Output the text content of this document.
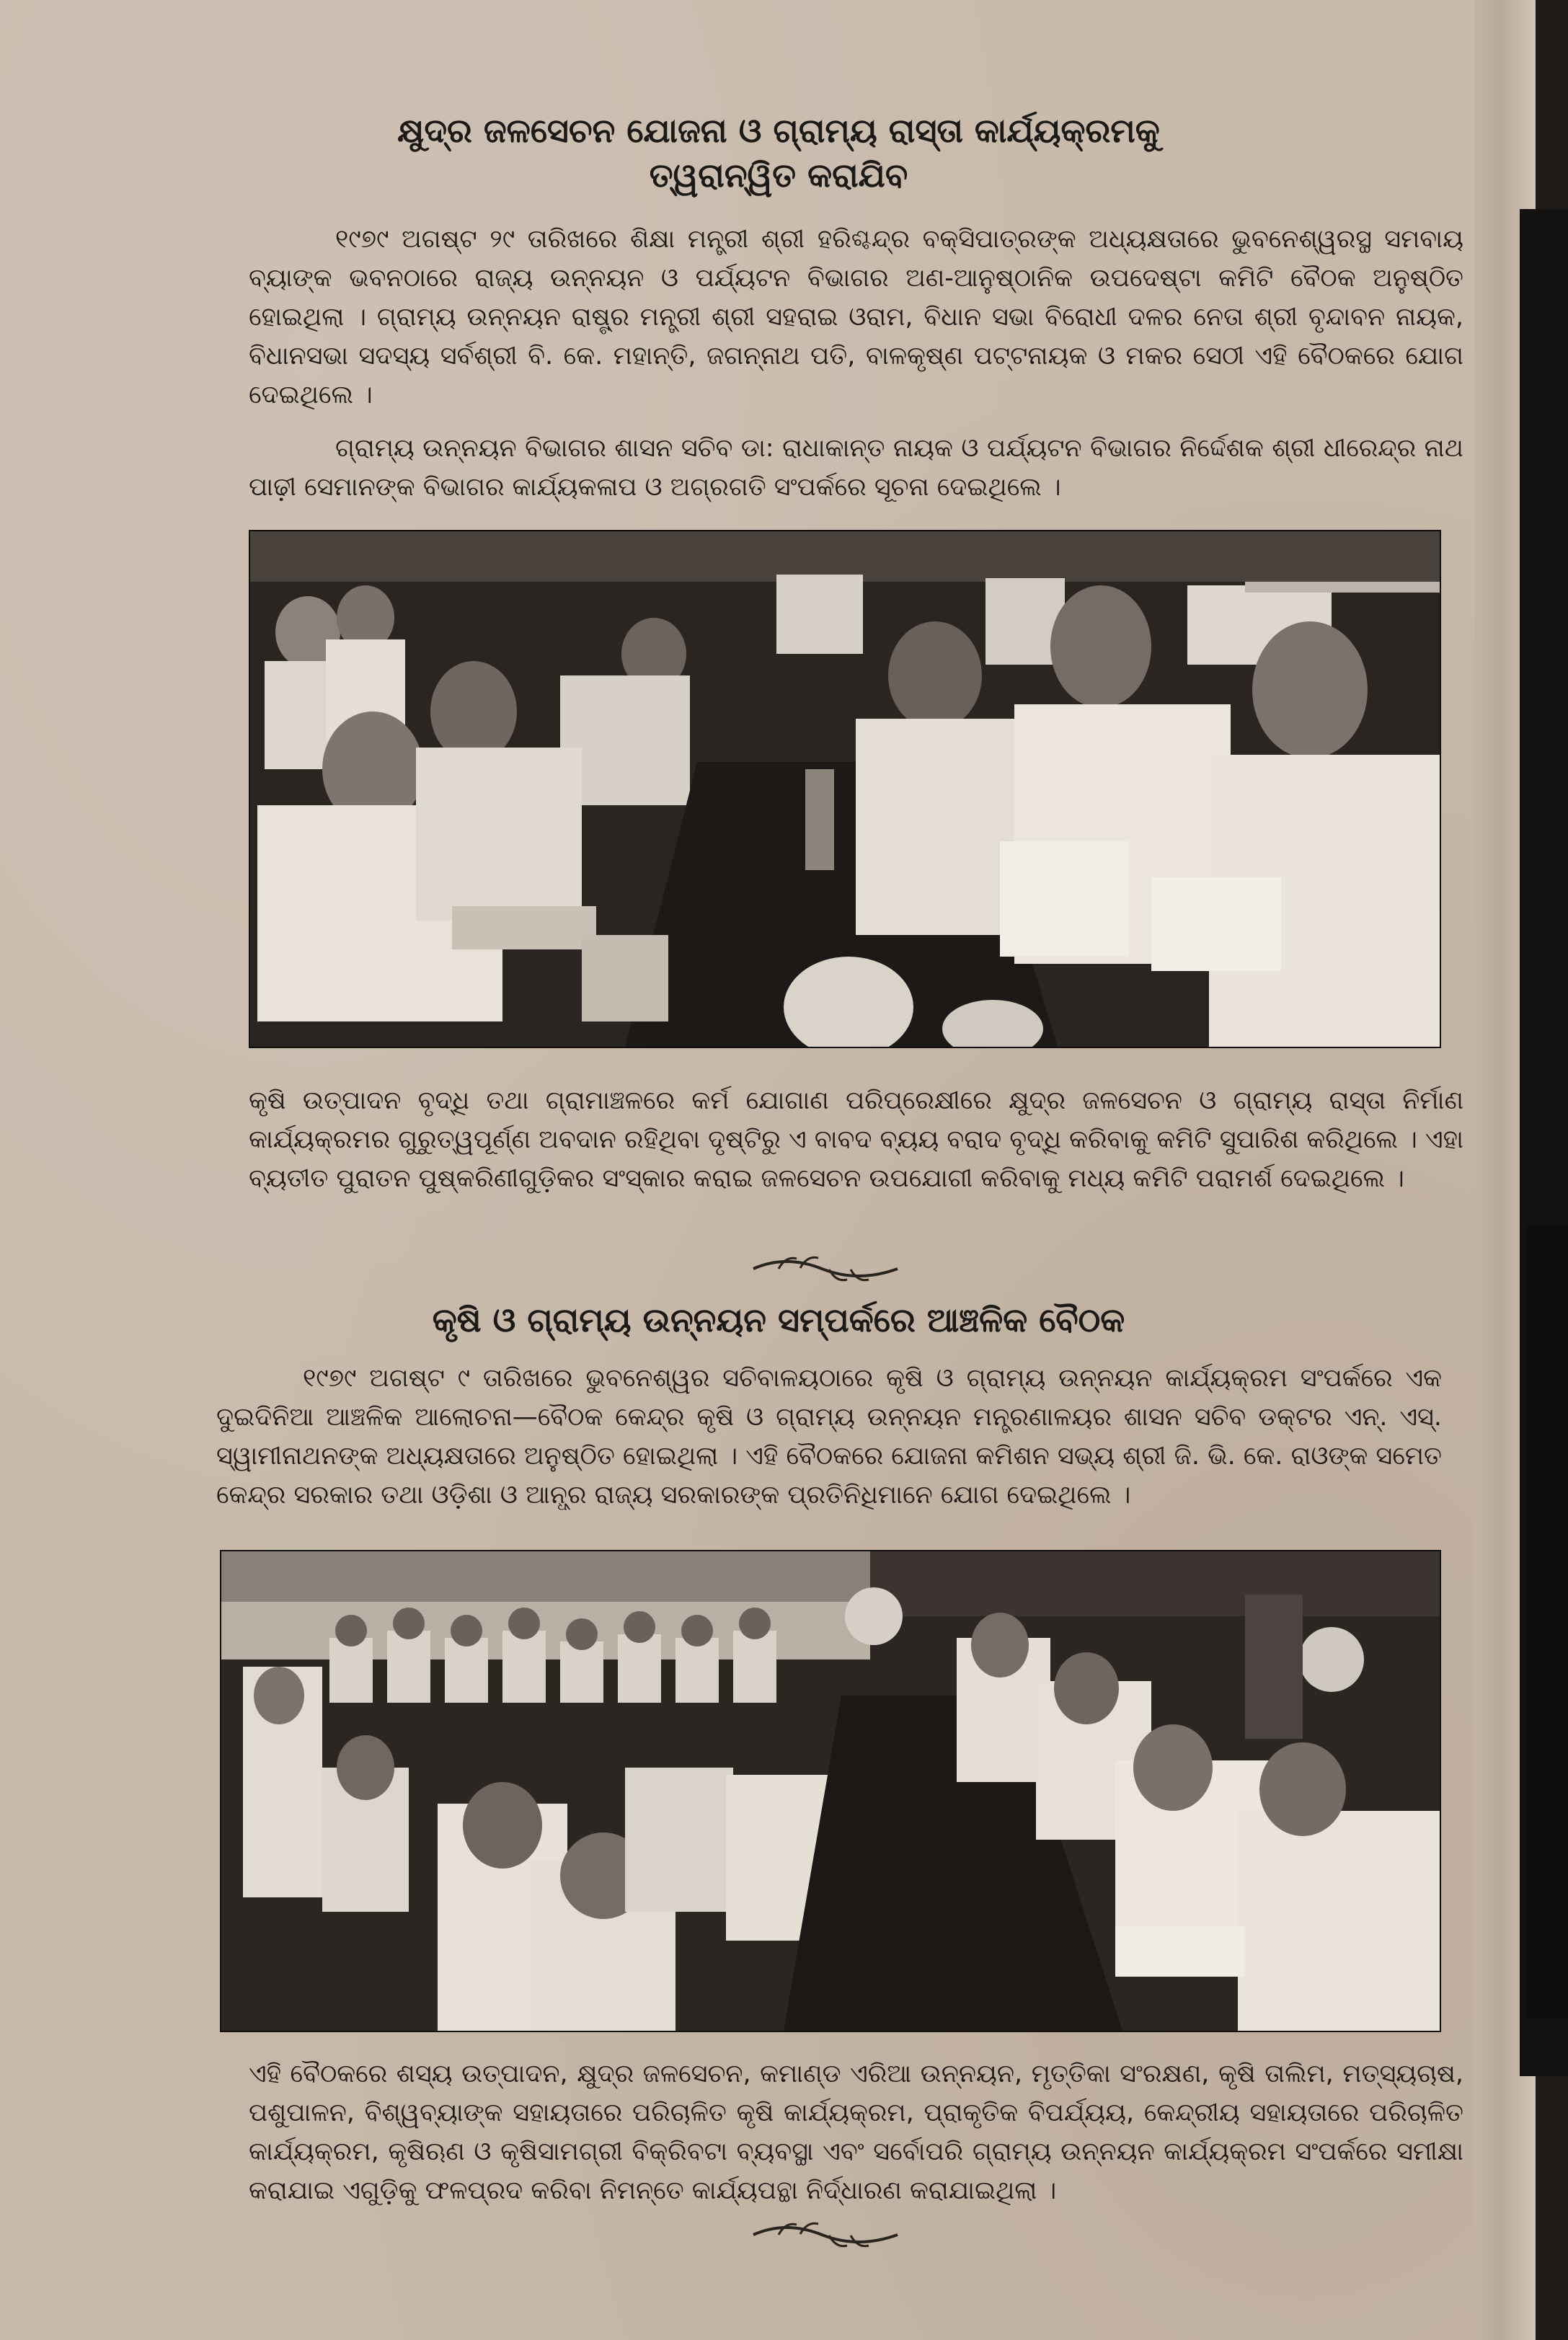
କ୍ଷୁଦ୍ର ଜଳସେଚନ ଯୋଜନା ଓ ଗ୍ରାମ୍ୟ ରାସ୍ତା କାର୍ଯ୍ୟକ୍ରମକୁ
ତ୍ୱରାନ୍ୱିତ କରାଯିବ

୧୯୭୯ ଅଗଷ୍ଟ ୨୯ ତାରିଖରେ ଶିକ୍ଷା ମନ୍ତ୍ରୀ ଶ୍ରୀ ହରିଶ୍ଚନ୍ଦ୍ର ବକ୍ସିପାତ୍ରଙ୍କ ଅଧ୍ୟକ୍ଷତାରେ ଭୁବନେଶ୍ୱରସ୍ଥ ସମବାୟ ବ୍ୟାଙ୍କ ଭବନଠାରେ ରାଜ୍ୟ ଉନ୍ନୟନ ଓ ପର୍ଯ୍ୟଟନ ବିଭାଗର ଅଣ-ଆନୁଷ୍ଠାନିକ ଉପଦେଷ୍ଟା କମିଟି ବୈଠକ ଅନୁଷ୍ଠିତ ହୋଇଥିଲା । ଗ୍ରାମ୍ୟ ଉନ୍ନୟନ ରାଷ୍ଟ୍ର ମନ୍ତ୍ରୀ ଶ୍ରୀ ସହରାଇ ଓରାମ, ବିଧାନ ସଭା ବିରୋଧୀ ଦଳର ନେତା ଶ୍ରୀ ବୃନ୍ଦାବନ ନାୟକ, ବିଧାନସଭା ସଦସ୍ୟ ସର୍ବଶ୍ରୀ ବି. କେ. ମହାନ୍ତି, ଜଗନ୍ନାଥ ପତି, ବାଳକୃଷ୍ଣ ପଟ୍ଟନାୟକ ଓ ମକର ସେଠୀ ଏହି ବୈଠକରେ ଯୋଗ ଦେଇଥିଲେ ।

ଗ୍ରାମ୍ୟ ଉନ୍ନୟନ ବିଭାଗର ଶାସନ ସଚିବ ଡା: ରାଧାକାନ୍ତ ନାୟକ ଓ ପର୍ଯ୍ୟଟନ ବିଭାଗର ନିର୍ଦ୍ଦେଶକ ଶ୍ରୀ ଧୀରେନ୍ଦ୍ର ନାଥ ପାଢ଼ୀ ସେମାନଙ୍କ ବିଭାଗର କାର୍ଯ୍ୟକଳାପ ଓ ଅଗ୍ରଗତି ସଂପର୍କରେ ସୂଚନା ଦେଇଥିଲେ ।

କୃଷି ଉତ୍ପାଦନ ବୃଦ୍ଧି ତଥା ଗ୍ରାମାଞ୍ଚଳରେ କର୍ମ ଯୋଗାଣ ପରିପ୍ରେକ୍ଷୀରେ କ୍ଷୁଦ୍ର ଜଳସେଚନ ଓ ଗ୍ରାମ୍ୟ ରାସ୍ତା ନିର୍ମାଣ କାର୍ଯ୍ୟକ୍ରମର ଗୁରୁତ୍ୱପୂର୍ଣ୍ଣ ଅବଦାନ ରହିଥିବା ଦୃଷ୍ଟିରୁ ଏ ବାବଦ ବ୍ୟୟ ବରାଦ ବୃଦ୍ଧି କରିବାକୁ କମିଟି ସୁପାରିଶ କରିଥିଲେ । ଏହା ବ୍ୟତୀତ ପୁରାତନ ପୁଷ୍କରିଣୀଗୁଡ଼ିକର ସଂସ୍କାର କରାଇ ଜଳସେଚନ ଉପଯୋଗୀ କରିବାକୁ ମଧ୍ୟ କମିଟି ପରାମର୍ଶ ଦେଇଥିଲେ ।

କୃଷି ଓ ଗ୍ରାମ୍ୟ ଉନ୍ନୟନ ସମ୍ପର୍କରେ ଆଞ୍ଚଳିକ ବୈଠକ

୧୯୭୯ ଅଗଷ୍ଟ ୯ ତାରିଖରେ ଭୁବନେଶ୍ୱର ସଚିବାଳୟଠାରେ କୃଷି ଓ ଗ୍ରାମ୍ୟ ଉନ୍ନୟନ କାର୍ଯ୍ୟକ୍ରମ ସଂପର୍କରେ ଏକ ଦୁଇଦିନିଆ ଆଞ୍ଚଳିକ ଆଲୋଚନା—ବୈଠକ କେନ୍ଦ୍ର କୃଷି ଓ ଗ୍ରାମ୍ୟ ଉନ୍ନୟନ ମନ୍ତ୍ରଣାଳୟର ଶାସନ ସଚିବ ଡକ୍ଟର ଏନ୍. ଏସ୍. ସ୍ୱାମୀନାଥନଙ୍କ ଅଧ୍ୟକ୍ଷତାରେ ଅନୁଷ୍ଠିତ ହୋଇଥିଲା । ଏହି ବୈଠକରେ ଯୋଜନା କମିଶନ ସଭ୍ୟ ଶ୍ରୀ ଜି. ଭି. କେ. ରାଓଙ୍କ ସମେତ କେନ୍ଦ୍ର ସରକାର ତଥା ଓଡ଼ିଶା ଓ ଆନ୍ଧ୍ର ରାଜ୍ୟ ସରକାରଙ୍କ ପ୍ରତିନିଧିମାନେ ଯୋଗ ଦେଇଥିଲେ ।

ଏହି ବୈଠକରେ ଶସ୍ୟ ଉତ୍ପାଦନ, କ୍ଷୁଦ୍ର ଜଳସେଚନ, କମାଣ୍ଡ ଏରିଆ ଉନ୍ନୟନ, ମୃତ୍ତିକା ସଂରକ୍ଷଣ, କୃଷି ତାଲିମ, ମତ୍ସ୍ୟଚାଷ, ପଶୁପାଳନ, ବିଶ୍ୱବ୍ୟାଙ୍କ ସହାୟତାରେ ପରିଚାଳିତ କୃଷି କାର୍ଯ୍ୟକ୍ରମ, ପ୍ରାକୃତିକ ବିପର୍ଯ୍ୟୟ, କେନ୍ଦ୍ରୀୟ ସହାୟତାରେ ପରିଚାଳିତ କାର୍ଯ୍ୟକ୍ରମ, କୃଷିଋଣ ଓ କୃଷିସାମଗ୍ରୀ ବିକ୍ରିବଟା ବ୍ୟବସ୍ଥା ଏବଂ ସର୍ବୋପରି ଗ୍ରାମ୍ୟ ଉନ୍ନୟନ କାର୍ଯ୍ୟକ୍ରମ ସଂପର୍କରେ ସମୀକ୍ଷା କରାଯାଇ ଏଗୁଡ଼ିକୁ ଫଳପ୍ରଦ କରିବା ନିମନ୍ତେ କାର୍ଯ୍ୟପନ୍ଥା ନିର୍ଦ୍ଧାରଣ କରାଯାଇଥିଲା ।
